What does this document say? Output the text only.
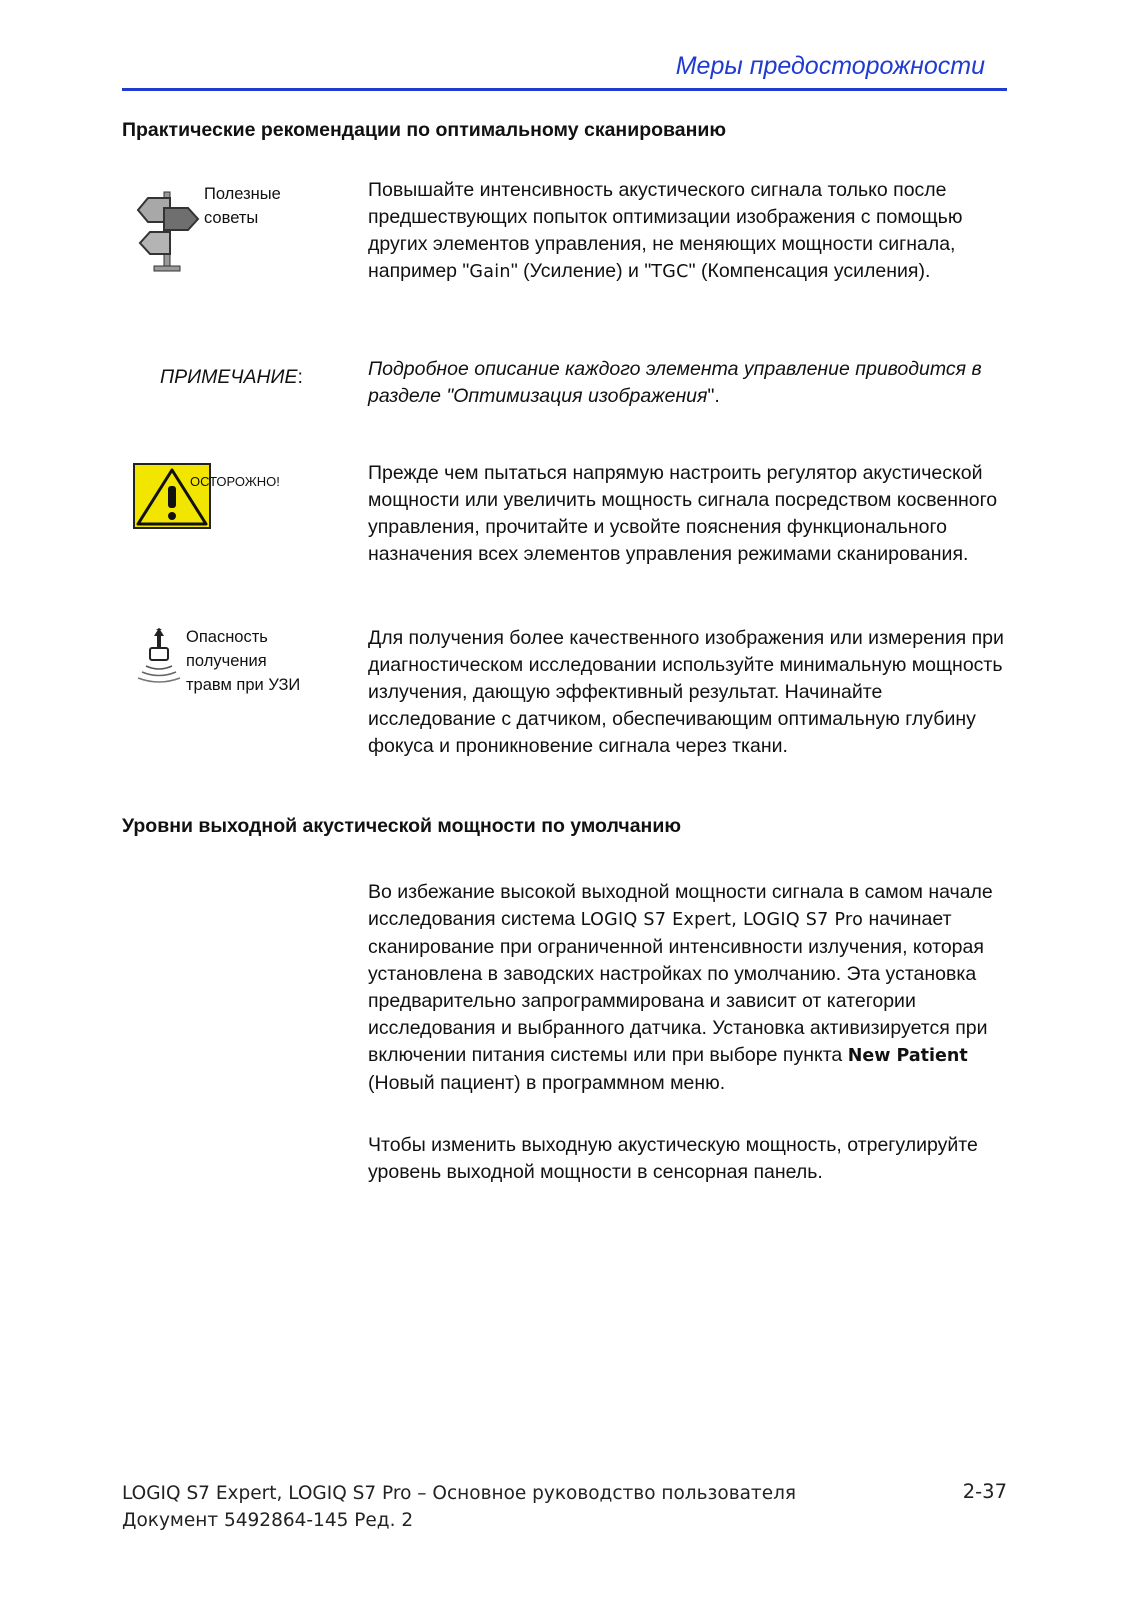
Меры предосторожности
Практические рекомендации по оптимальному сканированию
Полезные
советы

Повышайте интенсивность акустического сигнала только после предшествующих попыток оптимизации изображения с помощью других элементов управления, не меняющих мощности сигнала, например "Gain" (Усиление) и "TGC" (Компенсация усиления).

ПРИМЕЧАНИЕ:	Подробное описание каждого элемента управление приводится в разделе "Оптимизация изображения".

ОСТОРОЖНО!	Прежде чем пытаться напрямую настроить регулятор акустической мощности или увеличить мощность сигнала посредством косвенного управления, прочитайте и усвойте пояснения функционального назначения всех элементов управления режимами сканирования.

Опасность
получения
травм при УЗИ

Для получения более качественного изображения или измерения при диагностическом исследовании используйте минимальную мощность излучения, дающую эффективный результат. Начинайте исследование с датчиком, обеспечивающим оптимальную глубину фокуса и проникновение сигнала через ткани.

Уровни выходной акустической мощности по умолчанию

Во избежание высокой выходной мощности сигнала в самом начале исследования система LOGIQ S7 Expert, LOGIQ S7 Pro начинает сканирование при ограниченной интенсивности излучения, которая установлена в заводских настройках по умолчанию. Эта установка предварительно запрограммирована и зависит от категории исследования и выбранного датчика. Установка активизируется при включении питания системы или при выборе пункта New Patient (Новый пациент) в программном меню.

Чтобы изменить выходную акустическую мощность, отрегулируйте уровень выходной мощности в сенсорная панель.

LOGIQ S7 Expert, LOGIQ S7 Pro – Основное руководство пользователя
Документ 5492864-145 Ред. 2
2-37
